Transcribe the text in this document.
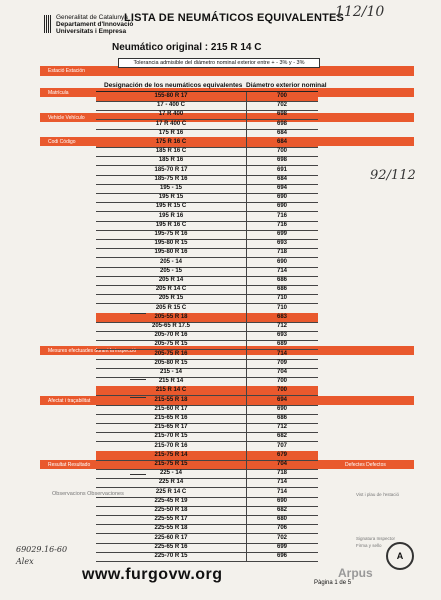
Generalitat de Catalunya
Departament d'Innovació
Universitats i Empresa
LISTA DE NEUMÁTICOS EQUIVALENTES
112/10
Estació Estación
Matrícula
Vehicle Vehículo
Codi Código
Mesures efectuades durant la inspecció
Afectat i traçabilitat
Resultat Resultado	Defectes Defectos
Neumático original : 215 R 14 C
Tolerancia admisible del diámetro nominal exterior entre + - 3% y - 3%
Designación de los neumáticos equivalentes Diámetro exterior nominal
155-80 R 17	700
17 - 400 C	702
17 R 400	698
17 R 400 C	698
175 R 16	684
175 R 16 C	684
185 R 16 C	700
185 R 16	698
185-70 R 17	691
185-75 R 16	684
195 - 15	694
195 R 15	690
195 R 15 C	690
195 R 16	716
195 R 16 C	716
195-75 R 16	699
195-80 R 15	693
195-80 R 16	718
205 - 14	690
205 - 15	714
205 R 14	686
205 R 14 C	686
205 R 15	710
205 R 15 C	710
205-55 R 18	683
205-65 R 17.5	712
205-70 R 16	693
205-75 R 15	689
205-75 R 16	714
205-80 R 15	709
215 - 14	704
215 R 14	700
215 R 14 C	700
215-55 R 18	694
215-60 R 17	690
215-65 R 16	686
215-65 R 17	712
215-70 R 15	682
215-70 R 16	707
215-75 R 14	679
215-75 R 15	704
225 - 14	718
225 R 14	714
225 R 14 C	714
225-45 R 19	690
225-50 R 18	682
225-55 R 17	680
225-55 R 18	706
225-60 R 17	702
225-65 R 16	699
225-70 R 15	696
92/112
69029.16-60
Alex
Observacions Observaciones	Vist i plau de l'estació
Signatura Inspector
Firma y sello
A
Arpus
www.furgovw.org	Pàgina 1 de 5
